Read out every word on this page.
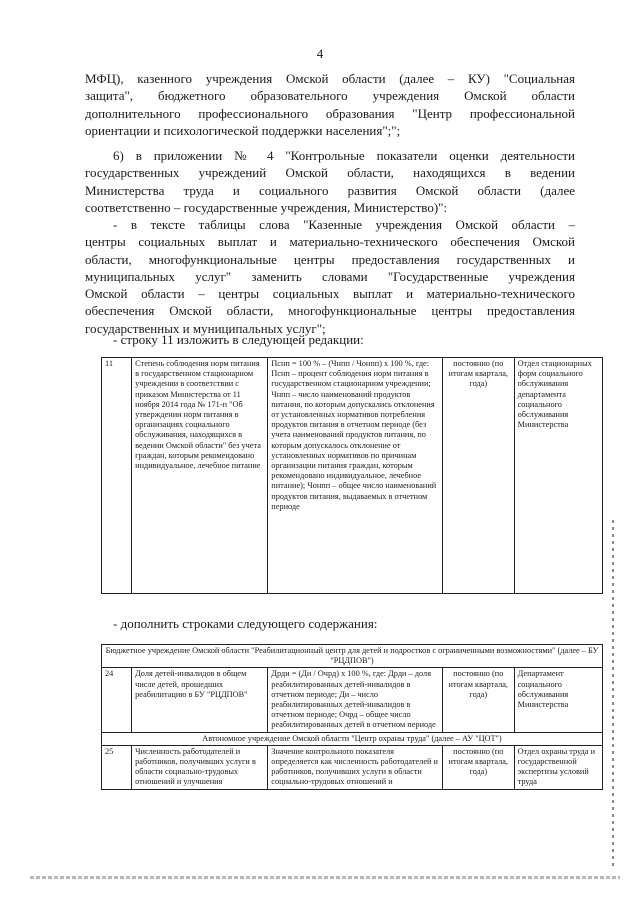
4
МФЦ), казенного учреждения Омской области (далее – КУ) "Социальная
защита", бюджетного образовательного учреждения Омской области
дополнительного профессионального образования "Центр профессиональной
ориентации и психологической поддержки населения";";
6) в приложении № 4 "Контрольные показатели оценки деятельности
государственных учреждений Омской области, находящихся в ведении
Министерства труда и социального развития Омской области (далее
соответственно – государственные учреждения, Министерство)":
- в тексте таблицы слова "Казенные учреждения Омской области –
центры социальных выплат и материально-технического обеспечения Омской
области, многофункциональные центры предоставления государственных и
муниципальных услуг" заменить словами "Государственные учреждения
Омской области – центры социальных выплат и материально-технического
обеспечения Омской области, многофункциональные центры предоставления
государственных и муниципальных услуг";
- строку 11 изложить в следующей редакции:
11	Степень соблюдения норм питания в государственном стационарном учреждении в соответствии с приказом Министерства от 11 ноября 2014 года № 171-п "Об утверждении норм питания в организациях социального обслуживания, находящихся в ведении Омской области" без учета граждан, которым рекомендовано индивидуальное, лечебное питание	Пснп = 100 % – (Чнпп / Чонпп) х 100 %, где: Пснп – процент соблюдения норм питания в государственном стационарном учреждении; Чнпп – число наименований продуктов питания, по которым допускались отклонения от установленных нормативов потребления продуктов питания в отчетном периоде (без учета наименований продуктов питания, по которым допускалось отклонение от установленных нормативов по причинам организации питания граждан, которым рекомендовано индивидуальное, лечебное питание); Чонпп – общее число наименований продуктов питания, выдаваемых в отчетном периоде	постоянно (по итогам квартала, года)	Отдел стационарных форм социального обслуживания департамента социального обслуживания Министерства
- дополнить строками следующего содержания:
Бюджетное учреждение Омской области "Реабилитационный центр для детей и подростков с ограниченными возможностями" (далее – БУ "РЦДПОВ")				
24	Доля детей-инвалидов в общем числе детей, прошедших реабилитацию в БУ "РЦДПОВ"	Дрди = (Ди / Очрд) х 100 %, где: Дрди – доля реабилитированных детей-инвалидов в отчетном периоде; Ди – число реабилитированных детей-инвалидов в отчетном периоде; Очрд – общее число реабилитированных детей в отчетном периоде	постоянно (по итогам квартала, года)	Департамент социального обслуживания Министерства
Автономное учреждение Омской области "Центр охраны труда" (далее – АУ "ЦОТ")				
25	Численность работодателей и работников, получивших услуги в области социально-трудовых отношений и улучшения	Значение контрольного показателя определяется как численность работодателей и работников, получивших услуги в области социально-трудовых отношений и	постоянно (по итогам квартала, года)	Отдел охраны труда и государственной экспертизы условий труда
